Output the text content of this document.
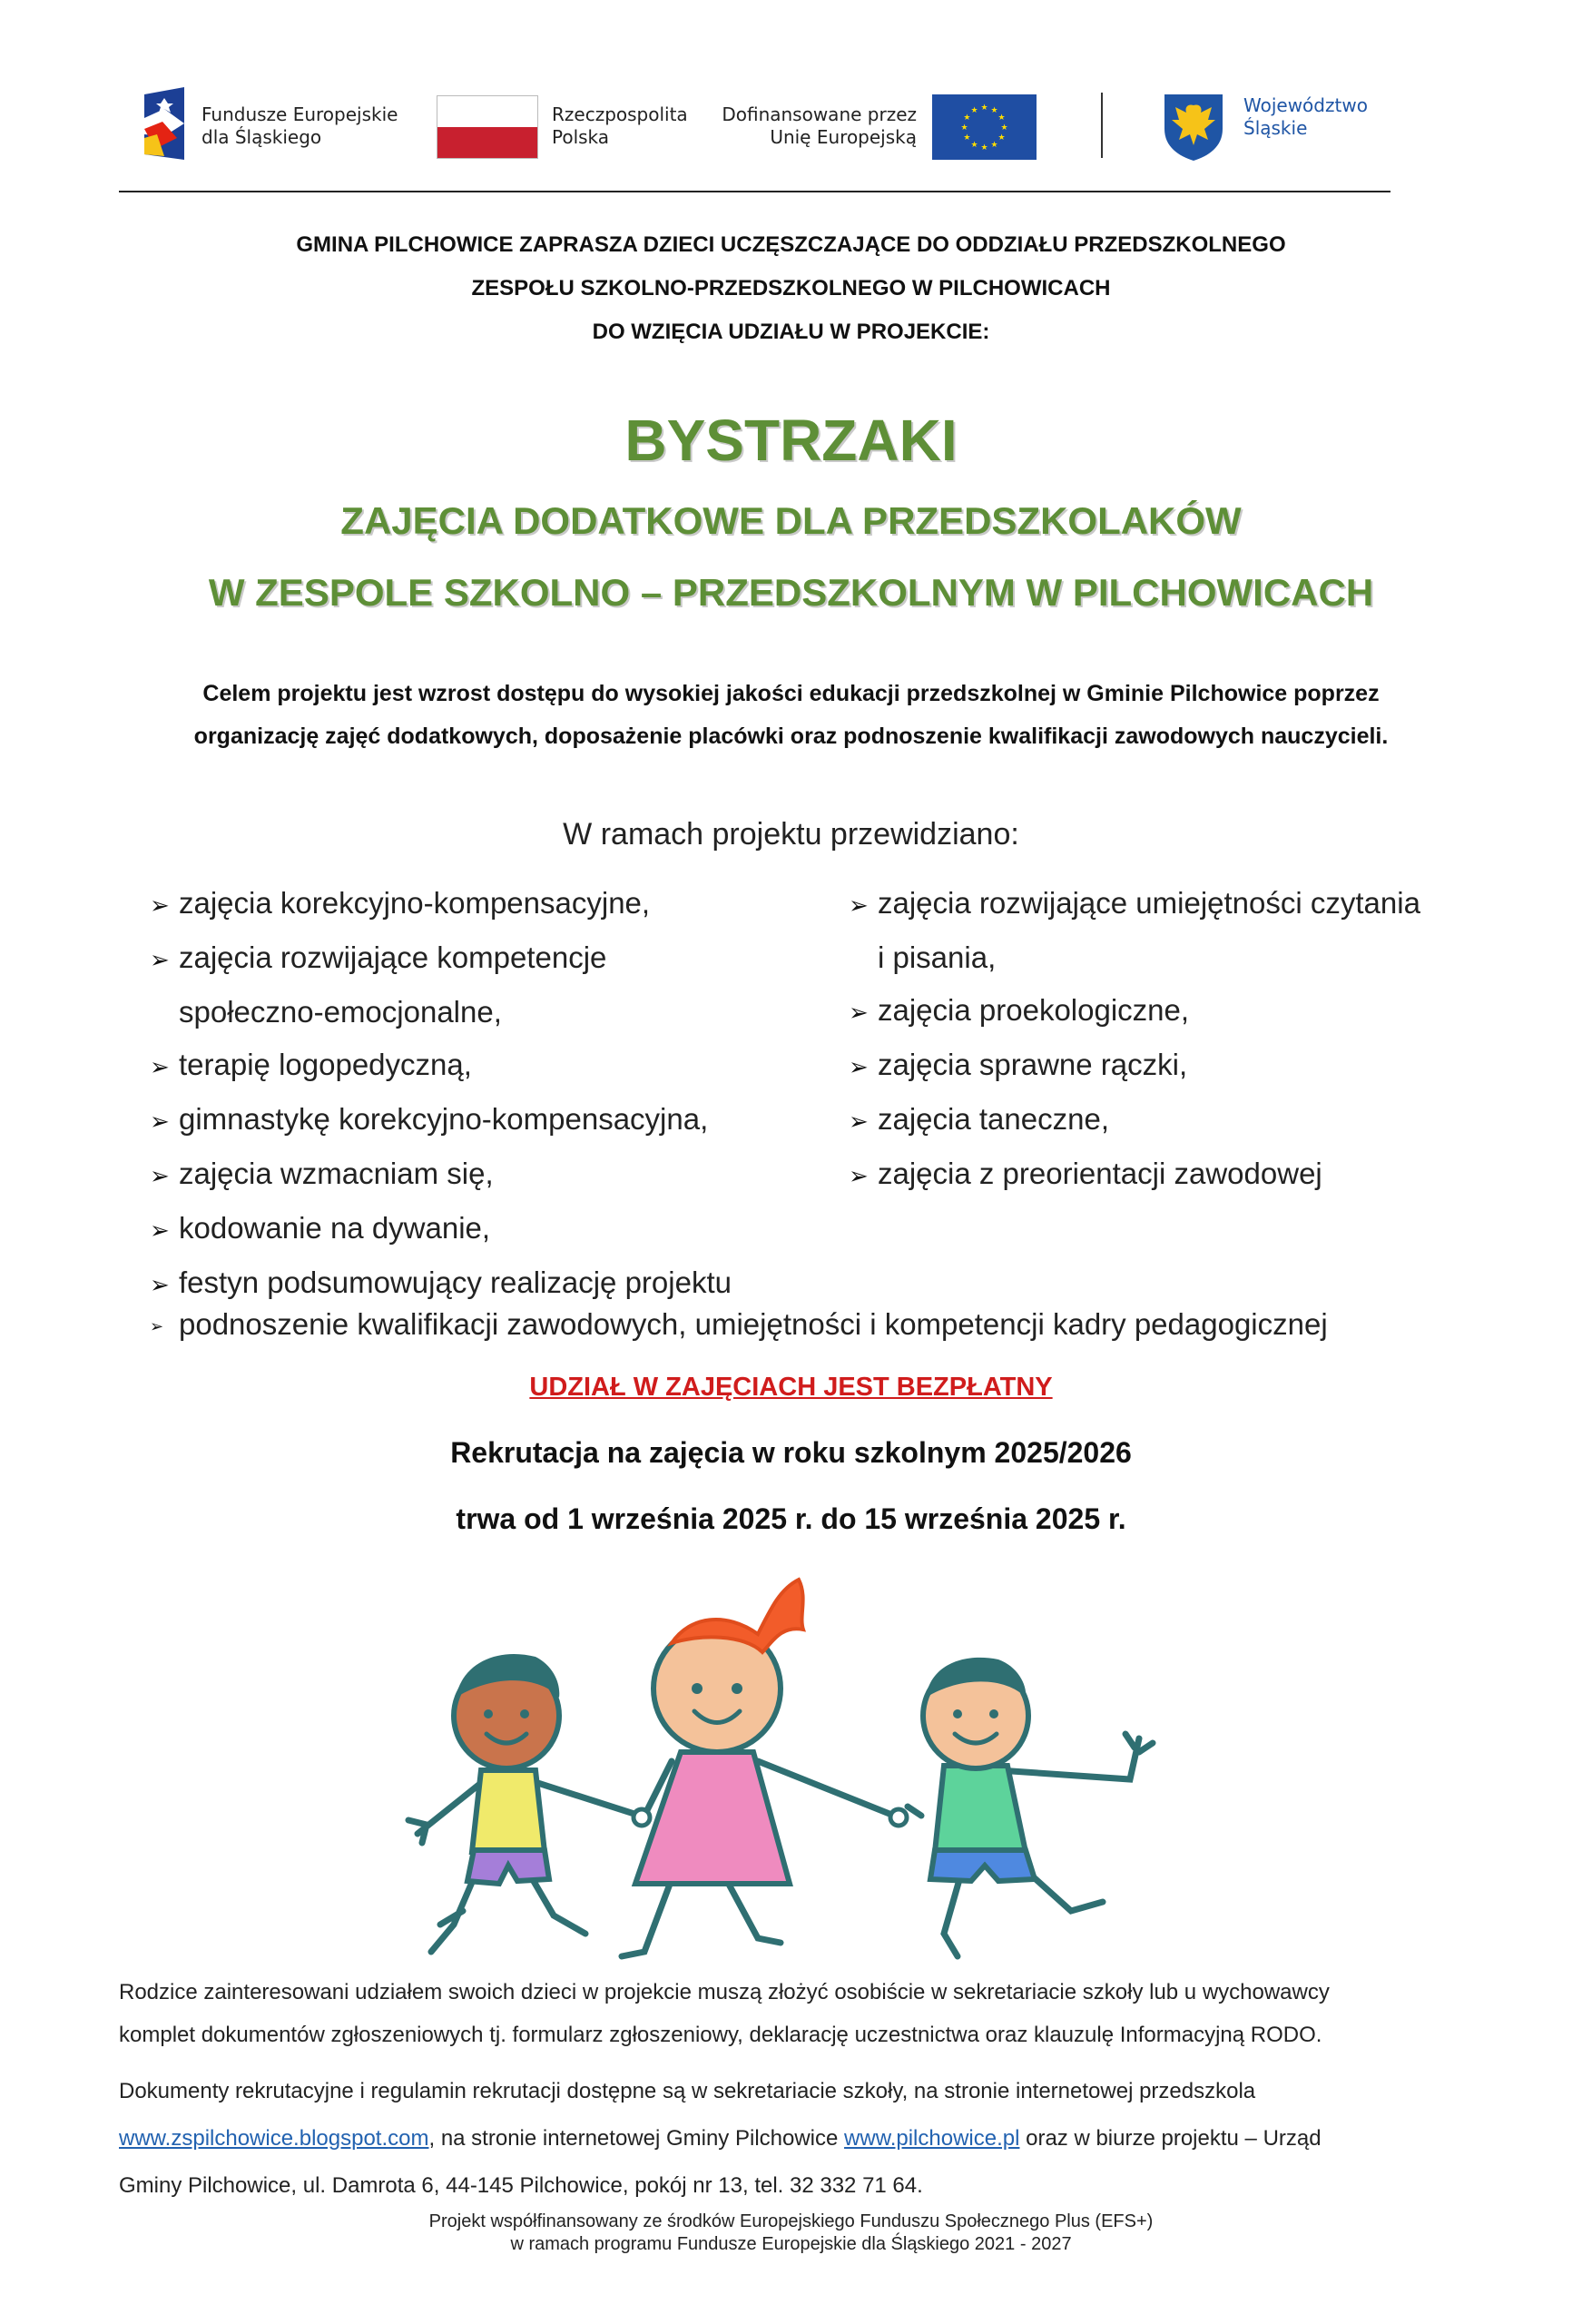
Fundusze Europejskie
dla Śląskiego
Rzeczpospolita
Polska
Dofinansowane przez
Unię Europejską
★ ★
★
★
★
★
★
★
★
★
★
★	Województwo
Śląskie
GMINA PILCHOWICE ZAPRASZA DZIECI UCZĘSZCZAJĄCE DO ODDZIAŁU PRZEDSZKOLNEGO
ZESPOŁU SZKOLNO-PRZEDSZKOLNEGO W PILCHOWICACH
DO WZIĘCIA UDZIAŁU W PROJEKCIE:
BYSTRZAKI
ZAJĘCIA DODATKOWE DLA PRZEDSZKOLAKÓW
W ZESPOLE SZKOLNO – PRZEDSZKOLNYM W PILCHOWICACH
Celem projektu jest wzrost dostępu do wysokiej jakości edukacji przedszkolnej w Gminie Pilchowice poprzez
organizację zajęć dodatkowych, doposażenie placówki oraz podnoszenie kwalifikacji zawodowych nauczycieli.
W ramach projektu przewidziano:
➢ zajęcia korekcyjno-kompensacyjne,
➢ zajęcia rozwijające kompetencje
społeczno-emocjonalne,
➢ terapię logopedyczną,
➢ gimnastykę korekcyjno-kompensacyjna,
➢ zajęcia wzmacniam się,
➢ kodowanie na dywanie,
➢ festyn podsumowujący realizację projektu
➢ zajęcia rozwijające umiejętności czytania
i pisania,
➢ zajęcia proekologiczne,
➢ zajęcia sprawne rączki,
➢ zajęcia taneczne,
➢ zajęcia z preorientacji zawodowej
➢ podnoszenie kwalifikacji zawodowych, umiejętności i kompetencji kadry pedagogicznej
UDZIAŁ W ZAJĘCIACH JEST BEZPŁATNY
Rekrutacja na zajęcia w roku szkolnym 2025/2026
trwa od 1 września 2025 r. do 15 września 2025 r.
Rodzice zainteresowani udziałem swoich dzieci w projekcie muszą złożyć osobiście w sekretariacie szkoły lub u wychowawcy
komplet dokumentów zgłoszeniowych tj. formularz zgłoszeniowy, deklarację uczestnictwa oraz klauzulę Informacyjną RODO.
Dokumenty rekrutacyjne i regulamin rekrutacji dostępne są w sekretariacie szkoły, na stronie internetowej przedszkola
www.zspilchowice.blogspot.com, na stronie internetowej Gminy Pilchowice www.pilchowice.pl oraz w biurze projektu – Urząd
Gminy Pilchowice, ul. Damrota 6, 44-145 Pilchowice, pokój nr 13, tel. 32 332 71 64.
Projekt współfinansowany ze środków Europejskiego Funduszu Społecznego Plus (EFS+)
w ramach programu Fundusze Europejskie dla Śląskiego 2021 - 2027
